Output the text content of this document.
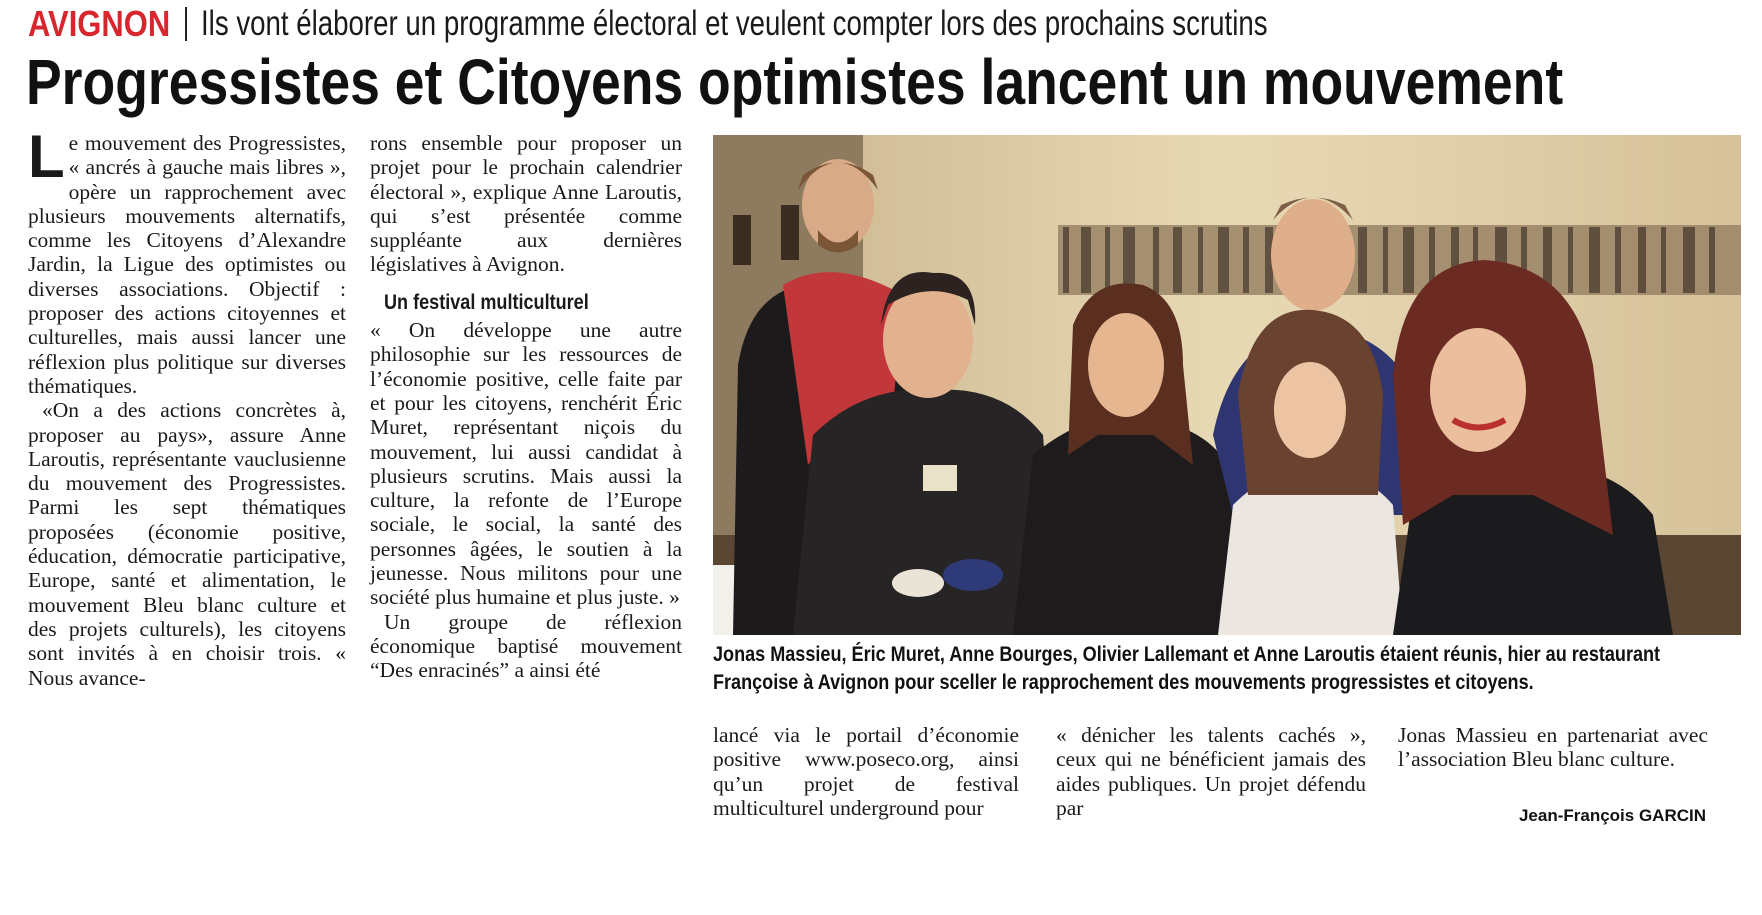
AVIGNON Ils vont élaborer un programme électoral et veulent compter lors des prochains scrutins
Progressistes et Citoyens optimistes lancent un mouvement
L e mouvement des Progressistes, « ancrés à gauche mais libres », opère un rapprochement avec plusieurs mouvements alternatifs, comme les Citoyens d’Alexandre Jardin, la Ligue des optimistes ou diverses associations. Objectif : proposer des actions citoyennes et culturelles, mais aussi lancer une réflexion plus politique sur diverses thématiques.

«On a des actions concrètes à, proposer au pays», assure Anne Laroutis, représentante vauclusienne du mouvement des Progressistes. Parmi les sept thématiques proposées (économie positive, éducation, démocratie participative, Europe, santé et alimentation, le mouvement Bleu blanc culture et des projets culturels), les citoyens sont invités à en choisir trois. « Nous avance-

rons ensemble pour proposer un projet pour le prochain calendrier électoral », explique Anne Laroutis, qui s’est présentée comme suppléante aux dernières législatives à Avignon.

Un festival multiculturel

« On développe une autre philosophie sur les ressources de l’économie positive, celle faite par et pour les citoyens, renchérit Éric Muret, représentant niçois du mouvement, lui aussi candidat à plusieurs scrutins. Mais aussi la culture, la refonte de l’Europe sociale, le social, la santé des personnes âgées, le soutien à la jeunesse. Nous militons pour une société plus humaine et plus juste. »

Un groupe de réflexion économique baptisé mouvement “Des enracinés” a ainsi été

Jonas Massieu, Éric Muret, Anne Bourges, Olivier Lallemant et Anne Laroutis étaient réunis, hier au restaurant Françoise à Avignon pour sceller le rapprochement des mouvements progressistes et citoyens.

lancé via le portail d’économie positive www.poseco.org, ainsi qu’un projet de festival multiculturel underground pour

« dénicher les talents cachés », ceux qui ne bénéficient jamais des aides publiques. Un projet défendu par

Jonas Massieu en partenariat avec l’association Bleu blanc culture.

Jean-François GARCIN
